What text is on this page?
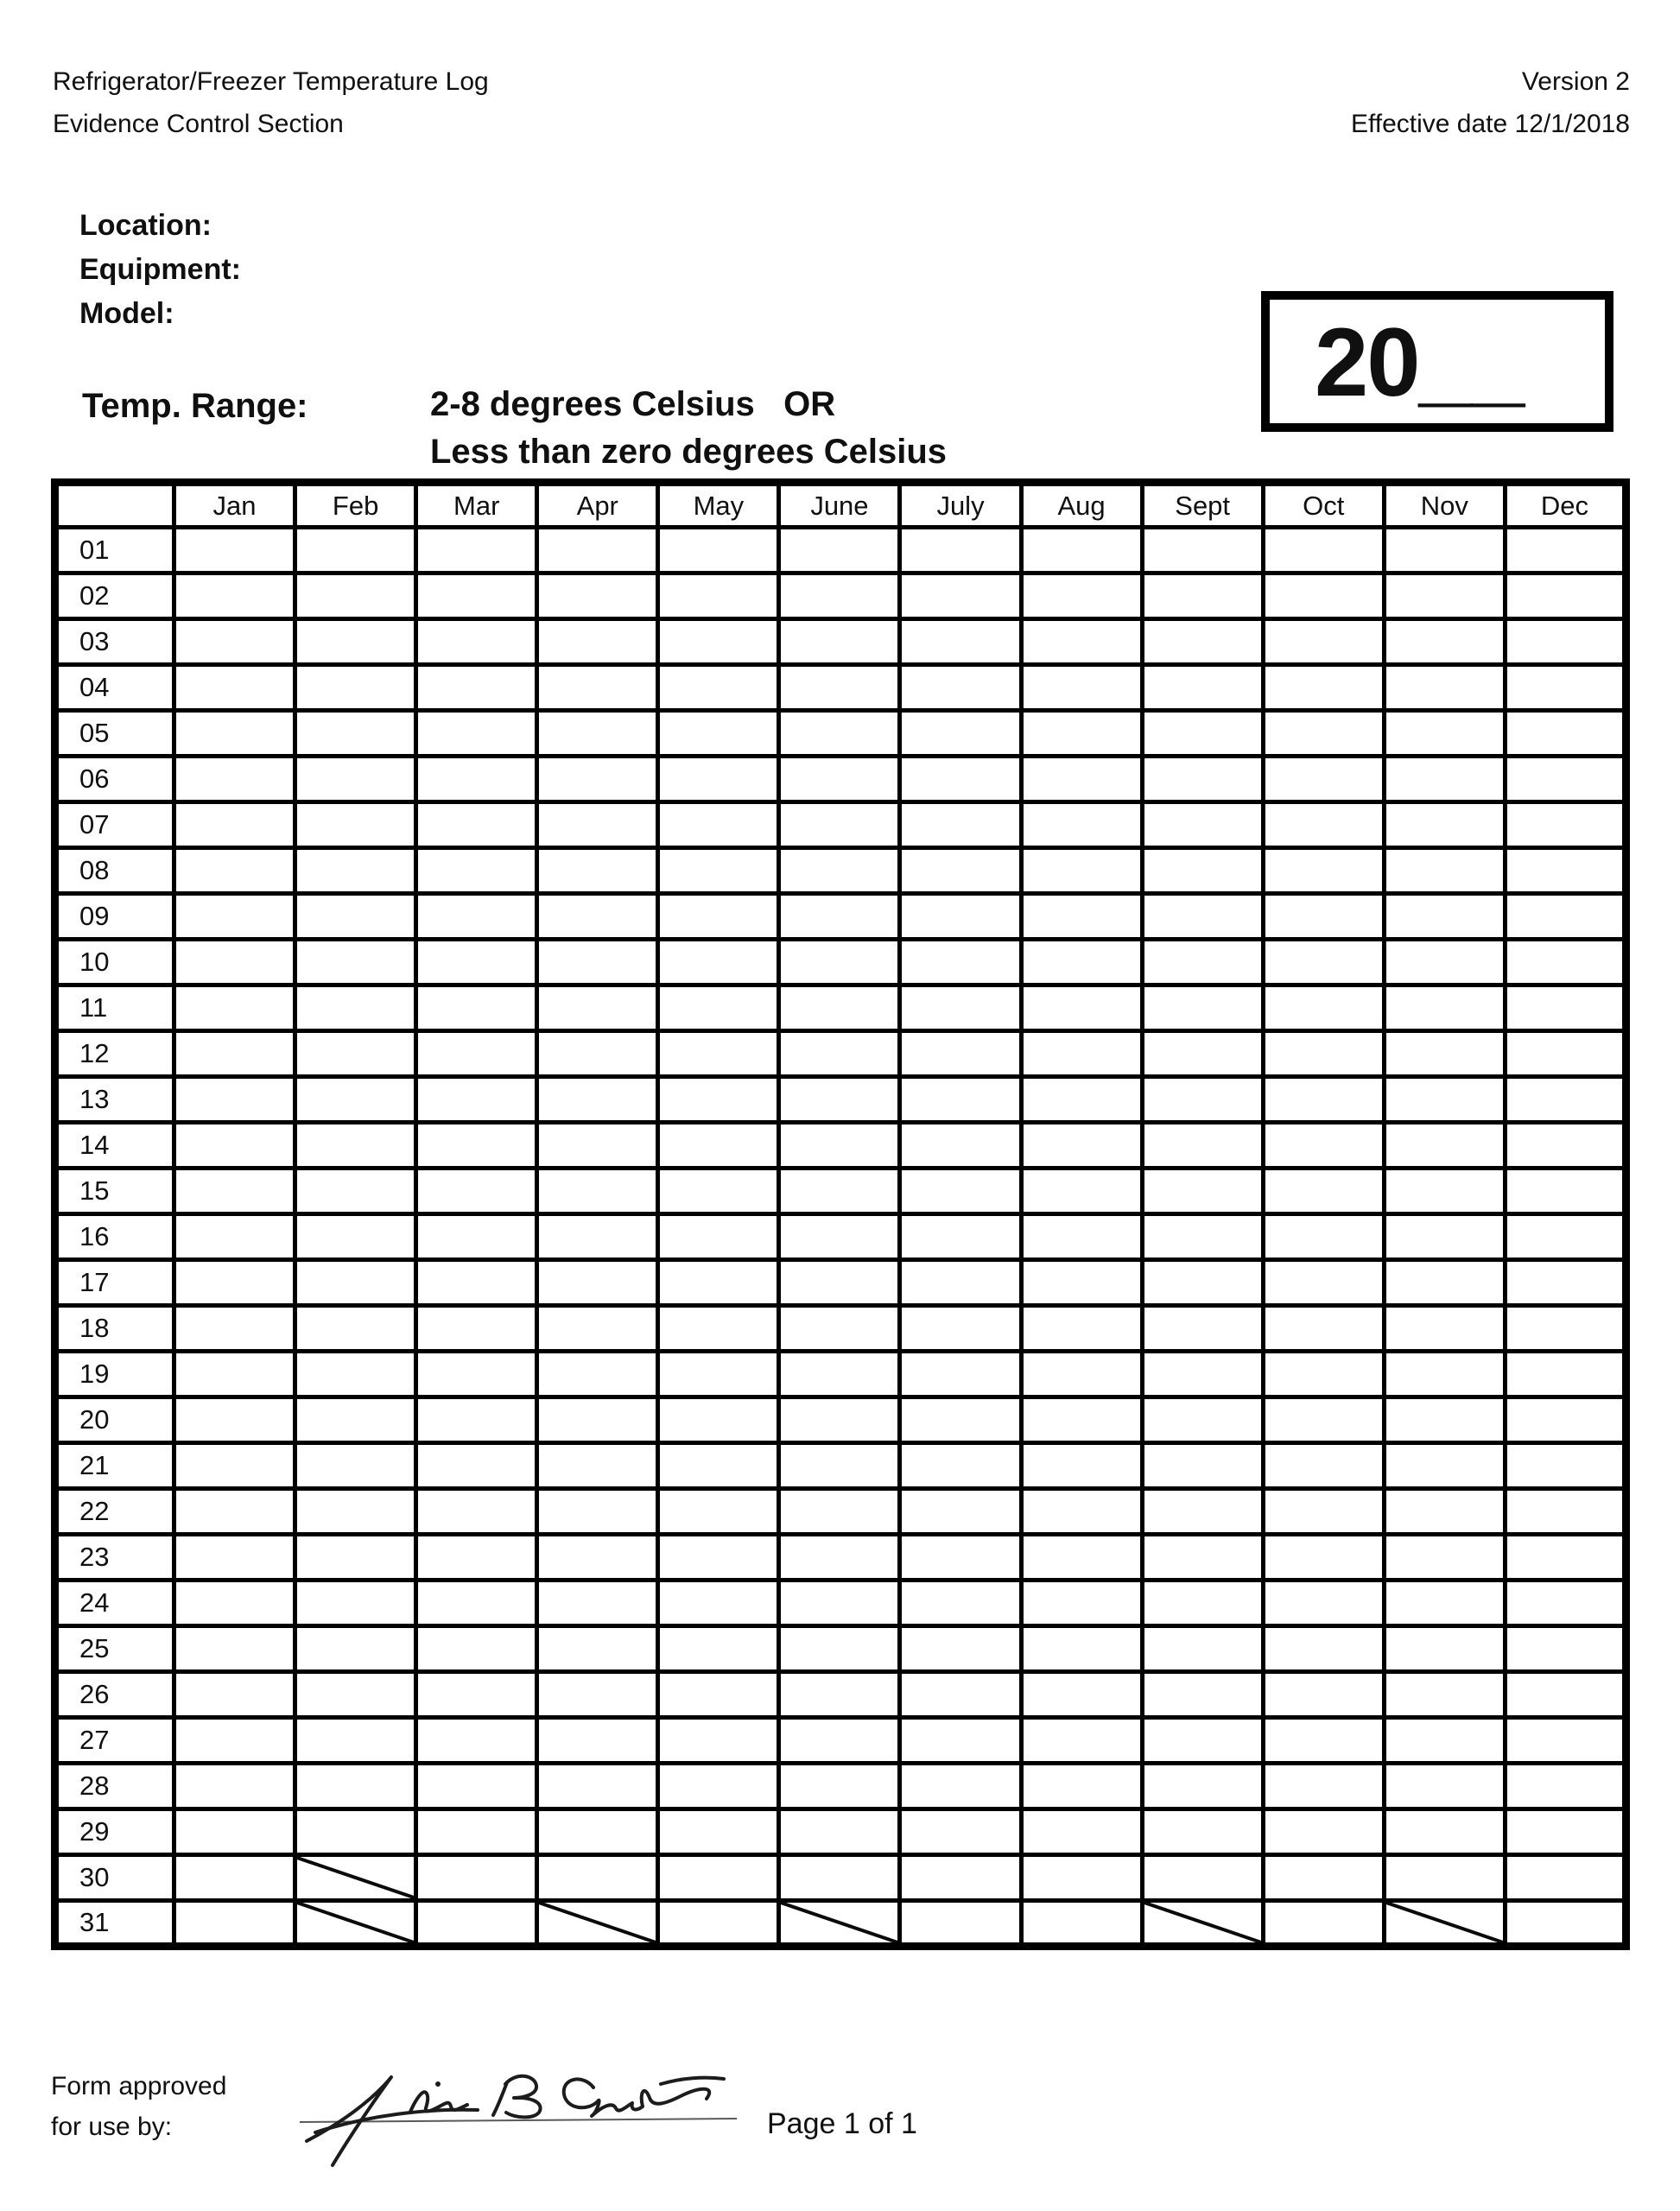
Refrigerator/Freezer Temperature Log
Evidence Control Section
Version 2
Effective date 12/1/2018
Location:
Equipment:
Model:
Temp. Range:	2-8 degrees Celsius   OR
Less than zero degrees Celsius
20__
	Jan	Feb	Mar	Apr	May	June	July	Aug	Sept	Oct	Nov	Dec
01												
02												
03												
04												
05												
06												
07												
08												
09												
10												
11												
12												
13												
14												
15												
16												
17												
18												
19												
20												
21												
22												
23												
24												
25												
26												
27												
28												
29												
30		

31		

Form approved
for use by:	Page 1 of 1
